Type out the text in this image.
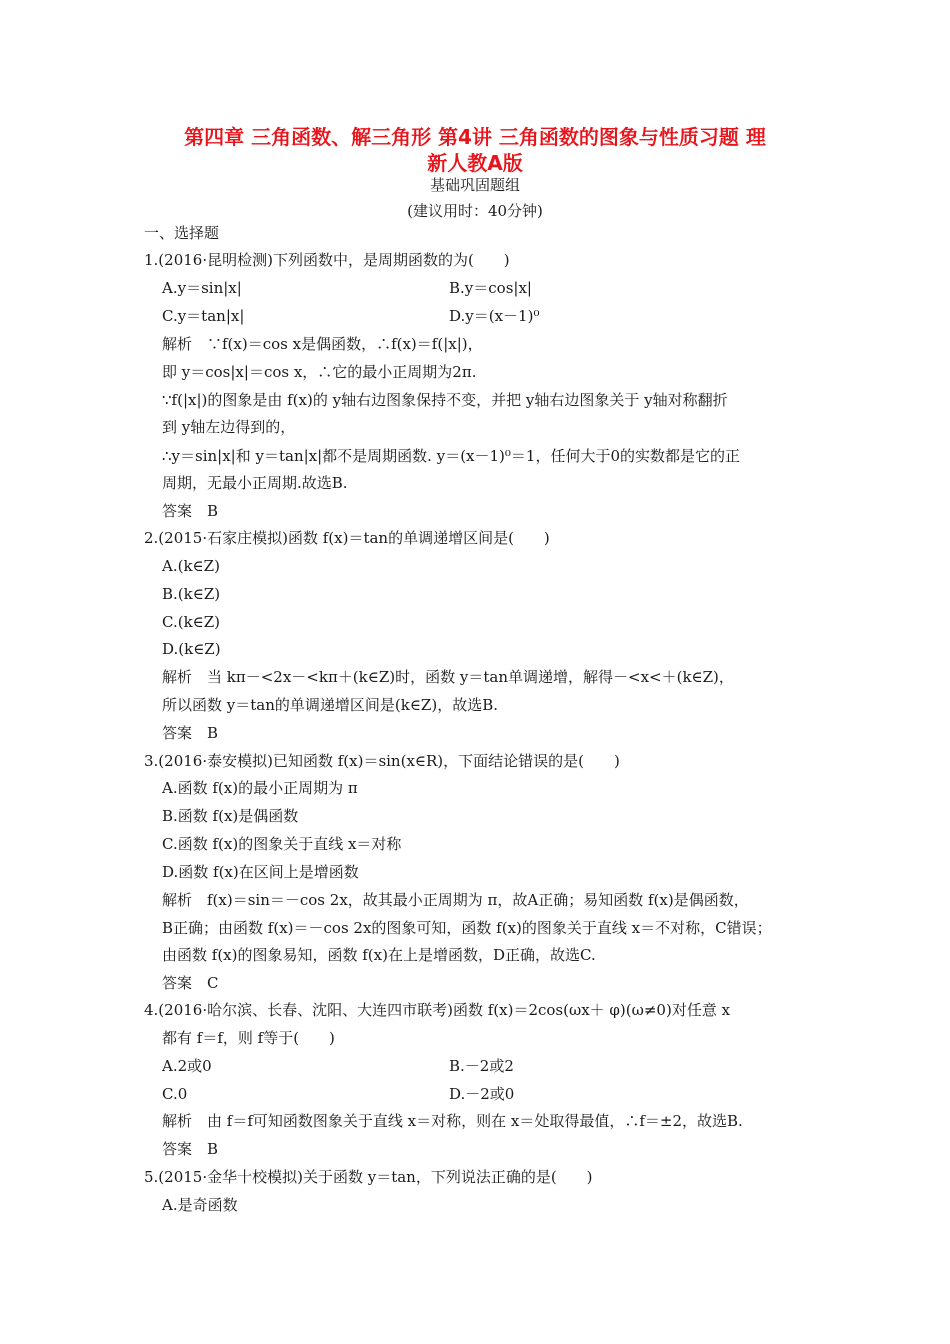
第四章 三角函数、解三角形 第4讲 三角函数的图象与性质习题 理
新人教A版
基础巩固题组
(建议用时：40分钟)
一、选择题
1.(2016·昆明检测)下列函数中，是周期函数的为(　　)
A.y＝sin|x|	B.y＝cos|x|
C.y＝tan|x|	D.y＝(x－1)⁰
解析　∵f(x)＝cos x是偶函数，∴f(x)＝f(|x|)，
即 y＝cos|x|＝cos x，∴它的最小正周期为2π.
∵f(|x|)的图象是由 f(x)的 y轴右边图象保持不变，并把 y轴右边图象关于 y轴对称翻折
到 y轴左边得到的，
∴y＝sin|x|和 y＝tan|x|都不是周期函数. y＝(x－1)⁰＝1，任何大于0的实数都是它的正
周期，无最小正周期.故选B.
答案　B
2.(2015·石家庄模拟)函数 f(x)＝tan的单调递增区间是(　　)
A.(k∈Z)
B.(k∈Z)
C.(k∈Z)
D.(k∈Z)
解析　当 kπ－<2x－<kπ＋(k∈Z)时，函数 y＝tan单调递增，解得－<x<＋(k∈Z)，
所以函数 y＝tan的单调递增区间是(k∈Z)，故选B.
答案　B
3.(2016·泰安模拟)已知函数 f(x)＝sin(x∈R)，下面结论错误的是(　　)
A.函数 f(x)的最小正周期为 π
B.函数 f(x)是偶函数
C.函数 f(x)的图象关于直线 x＝对称
D.函数 f(x)在区间上是增函数
解析　f(x)＝sin＝－cos 2x，故其最小正周期为 π，故A正确；易知函数 f(x)是偶函数，
B正确；由函数 f(x)＝－cos 2x的图象可知，函数 f(x)的图象关于直线 x＝不对称，C错误；
由函数 f(x)的图象易知，函数 f(x)在上是增函数，D正确，故选C.
答案　C
4.(2016·哈尔滨、长春、沈阳、大连四市联考)函数 f(x)＝2cos(ωx＋ φ)(ω≠0)对任意 x
都有 f＝f，则 f等于(　　)
A.2或0	B.－2或2
C.0	D.－2或0
解析　由 f＝f可知函数图象关于直线 x＝对称，则在 x＝处取得最值，∴f＝±2，故选B.
答案　B
5.(2015·金华十校模拟)关于函数 y＝tan，下列说法正确的是(　　)
A.是奇函数
